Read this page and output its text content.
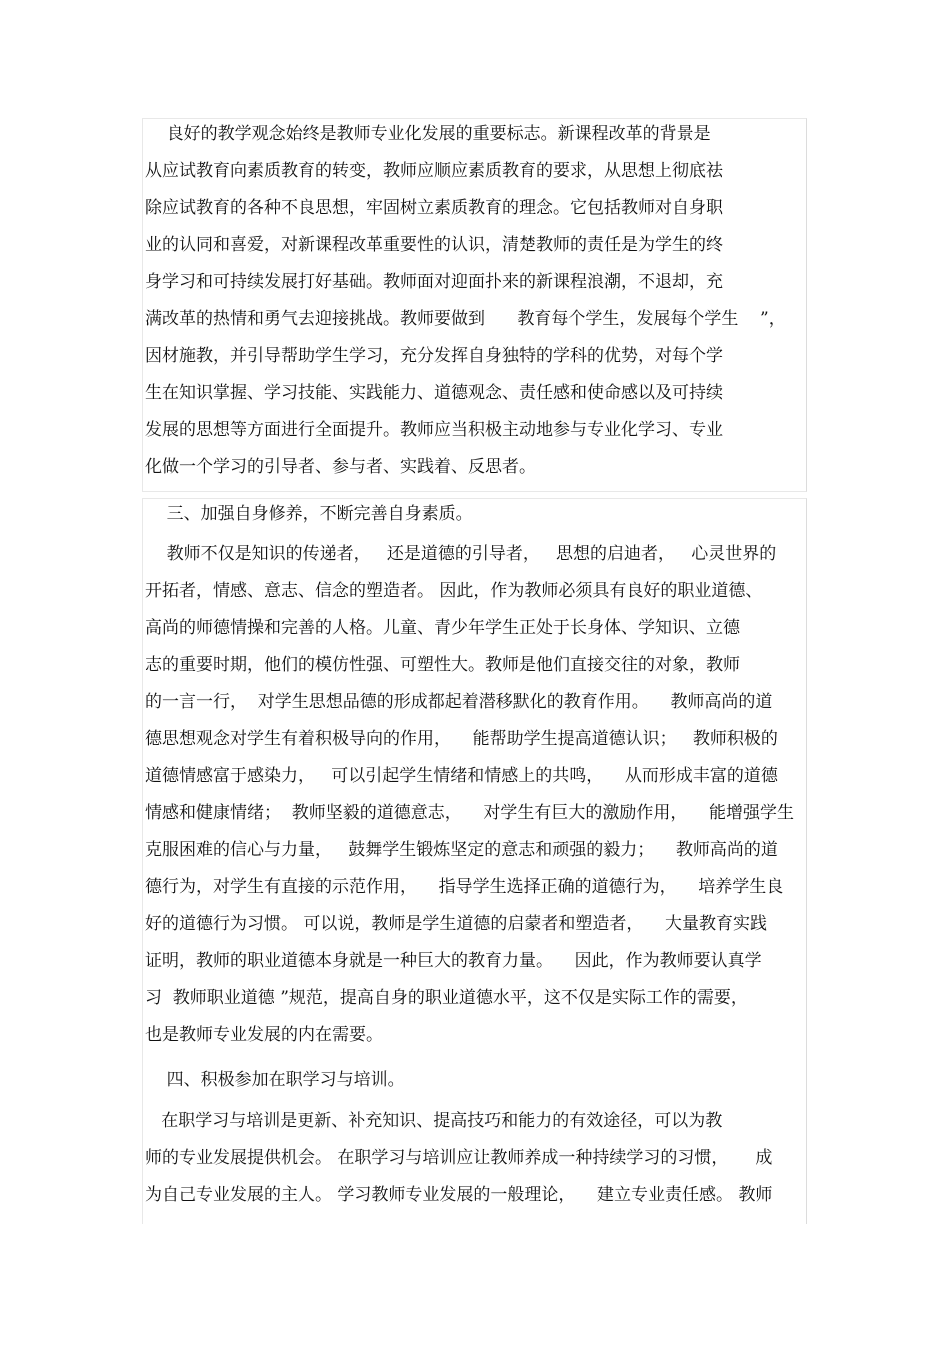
良好的教学观念始终是教师专业化发展的重要标志。新课程改革的背景是

从应试教育向素质教育的转变，教师应顺应素质教育的要求，从思想上彻底祛

除应试教育的各种不良思想，牢固树立素质教育的理念。它包括教师对自身职

业的认同和喜爱，对新课程改革重要性的认识，清楚教师的责任是为学生的终

身学习和可持续发展打好基础。教师面对迎面扑来的新课程浪潮，不退却，充

满改革的热情和勇气去迎接挑战。教师要做到      教育每个学生，发展每个学生    ”，

因材施教，并引导帮助学生学习，充分发挥自身独特的学科的优势，对每个学

生在知识掌握、学习技能、实践能力、道德观念、责任感和使命感以及可持续

发展的思想等方面进行全面提升。教师应当积极主动地参与专业化学习、专业

化做一个学习的引导者、参与者、实践着、反思者。

三、加强自身修养，不断完善自身素质。

教师不仅是知识的传递者，   还是道德的引导者，   思想的启迪者，   心灵世界的

开拓者，情感、意志、信念的塑造者。 因此，作为教师必须具有良好的职业道德、

高尚的师德情操和完善的人格。儿童、青少年学生正处于长身体、学知识、立德

志的重要时期，他们的模仿性强、可塑性大。教师是他们直接交往的对象，教师

的一言一行，  对学生思想品德的形成都起着潜移默化的教育作用。    教师高尚的道

德思想观念对学生有着积极导向的作用，    能帮助学生提高道德认识；   教师积极的

道德情感富于感染力，   可以引起学生情绪和情感上的共鸣，    从而形成丰富的道德

情感和健康情绪；  教师坚毅的道德意志，    对学生有巨大的激励作用，    能增强学生

克服困难的信心与力量，   鼓舞学生锻炼坚定的意志和顽强的毅力；    教师高尚的道

德行为，对学生有直接的示范作用，    指导学生选择正确的道德行为，    培养学生良

好的道德行为习惯。 可以说，教师是学生道德的启蒙者和塑造者，    大量教育实践

证明，教师的职业道德本身就是一种巨大的教育力量。    因此，作为教师要认真学

习  教师职业道德 ”规范，提高自身的职业道德水平，这不仅是实际工作的需要，

也是教师专业发展的内在需要。

四、积极参加在职学习与培训。

在职学习与培训是更新、补充知识、提高技巧和能力的有效途径，可以为教

师的专业发展提供机会。 在职学习与培训应让教师养成一种持续学习的习惯，     成

为自己专业发展的主人。 学习教师专业发展的一般理论，    建立专业责任感。 教师
